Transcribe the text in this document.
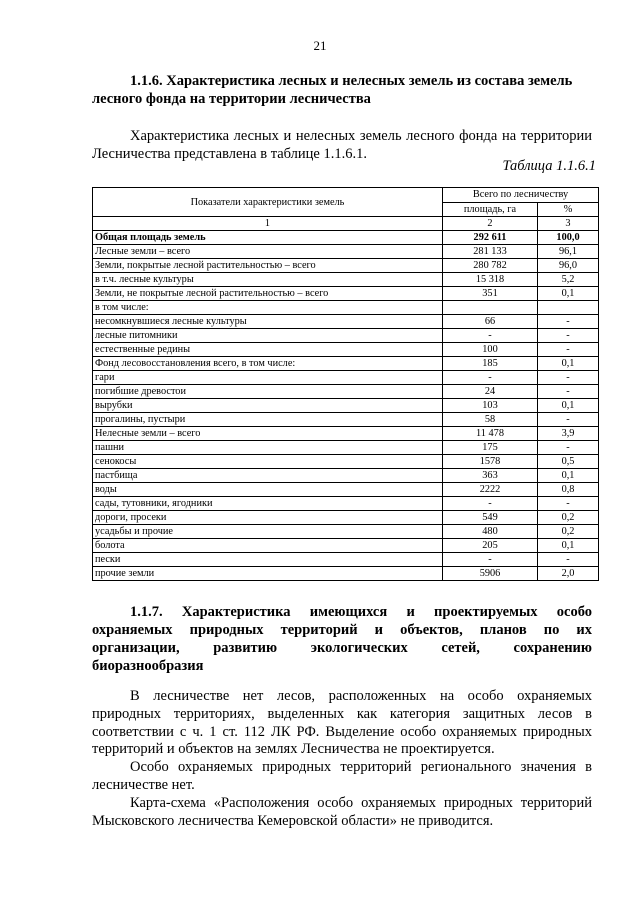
21
1.1.6. Характеристика лесных и нелесных земель из состава земель лесного фонда на территории лесничества
Характеристика лесных и нелесных земель лесного фонда на территории Лесничества представлена в таблице 1.1.6.1.
Таблица 1.1.6.1
Показатели характеристики земель	Всего по лесничеству	
	площадь, га	%
1	2	3
Общая площадь земель	292 611	100,0
Лесные земли – всего	281 133	96,1
Земли, покрытые лесной растительностью – всего	280 782	96,0
в т.ч. лесные культуры	15 318	5,2
Земли, не покрытые лесной растительностью – всего	351	0,1
в том числе:		
несомкнувшиеся лесные культуры	66	-
лесные питомники	-	-
естественные редины	100	-
Фонд лесовосстановления всего, в том числе:	185	0,1
гари	-	-
погибшие древостои	24	-
вырубки	103	0,1
прогалины, пустыри	58	-
Нелесные земли – всего	11 478	3,9
пашни	175	-
сенокосы	1578	0,5
пастбища	363	0,1
воды	2222	0,8
сады, тутовники, ягодники	-	-
дороги, просеки	549	0,2
усадьбы и прочие	480	0,2
болота	205	0,1
пески	-	-
прочие земли	5906	2,0
1.1.7. Характеристика имеющихся и проектируемых особо
охраняемых природных территорий и объектов, планов по их
организации, развитию экологических сетей, сохранению
биоразнообразия

В лесничестве нет лесов, расположенных на особо охраняемых природных территориях, выделенных как категория защитных лесов в соответствии с ч. 1 ст. 112 ЛК РФ. Выделение особо охраняемых природных территорий и объектов на землях Лесничества не проектируется.

Особо охраняемых природных территорий регионального значения в лесничестве нет.

Карта-схема «Расположения особо охраняемых природных территорий Мысковского лесничества Кемеровской области» не приводится.
